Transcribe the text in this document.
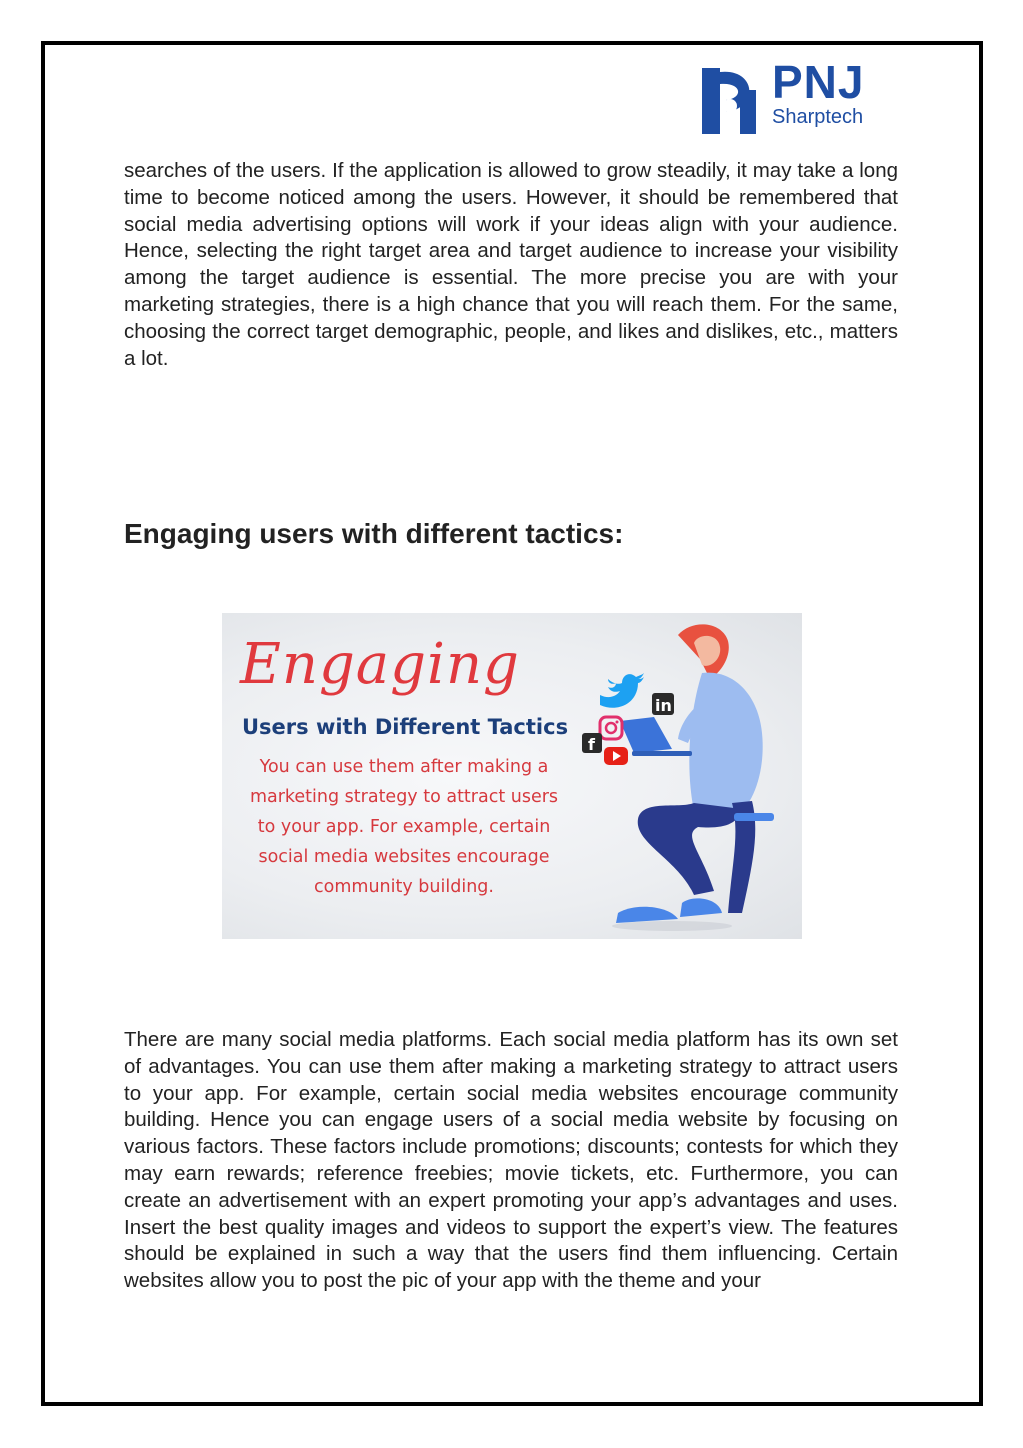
PNJ
Sharptech

searches of the users. If the application is allowed to grow steadily, it may take a long time to become noticed among the users. However, it should be remembered that social media advertising options will work if your ideas align with your audience. Hence, selecting the right target area and target audience to increase your visibility among the target audience is essential. The more precise you are with your marketing strategies, there is a high chance that you will reach them. For the same, choosing the correct target demographic, people, and likes and dislikes, etc., matters a lot.

Engaging users with different tactics:
Engaging
Users with Different Tactics
You can use them after making a marketing strategy to attract users to your app. For example, certain social media websites encourage community building.
in
f

There are many social media platforms. Each social media platform has its own set of advantages. You can use them after making a marketing strategy to attract users to your app. For example, certain social media websites encourage community building. Hence you can engage users of a social media website by focusing on various factors. These factors include promotions; discounts; contests for which they may earn rewards; reference freebies; movie tickets, etc. Furthermore, you can create an advertisement with an expert promoting your app’s advantages and uses. Insert the best quality images and videos to support the expert’s view. The features should be explained in such a way that the users find them influencing. Certain websites allow you to post the pic of your app with the theme and your
